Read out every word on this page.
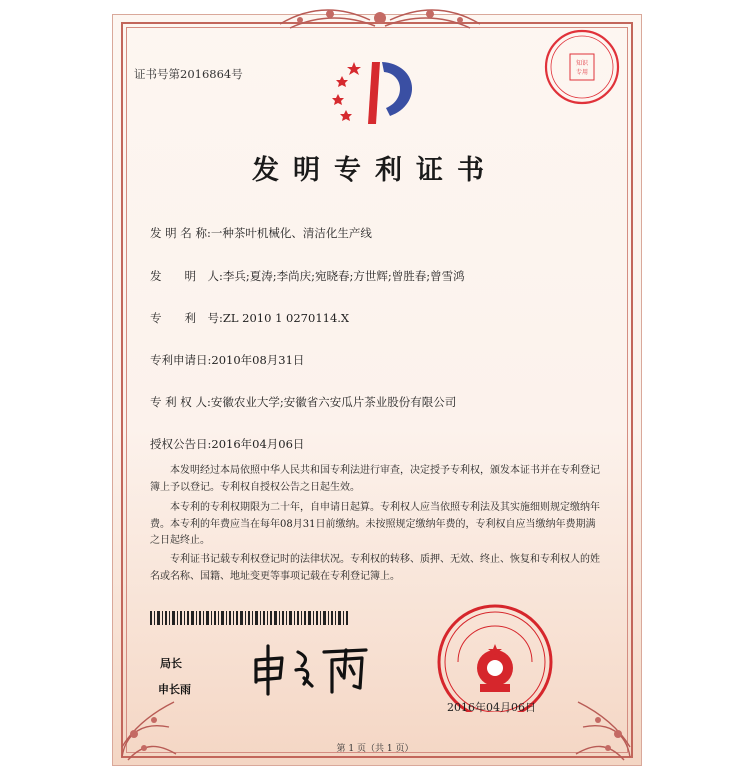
证书号第2016864号
知识
专用
发明专利证书
发 明 名 称:一种茶叶机械化、清洁化生产线
发　　明　人:李兵;夏涛;李尚庆;宛晓春;方世辉;曾胜春;曾雪鸿
专　　利　号:ZL 2010 1 0270114.X
专利申请日:2010年08月31日
专 利 权 人:安徽农业大学;安徽省六安瓜片茶业股份有限公司
授权公告日:2016年04月06日
本发明经过本局依照中华人民共和国专利法进行审查，决定授予专利权，颁发本证书并在专利登记簿上予以登记。专利权自授权公告之日起生效。
本专利的专利权期限为二十年，自申请日起算。专利权人应当依照专利法及其实施细则规定缴纳年费。本专利的年费应当在每年08月31日前缴纳。未按照规定缴纳年费的，专利权自应当缴纳年费期满之日起终止。
专利证书记载专利权登记时的法律状况。专利权的转移、质押、无效、终止、恢复和专利权人的姓名或名称、国籍、地址变更等事项记载在专利登记簿上。
局长
申长雨
2016年04月06日
第 1 页（共 1 页）
